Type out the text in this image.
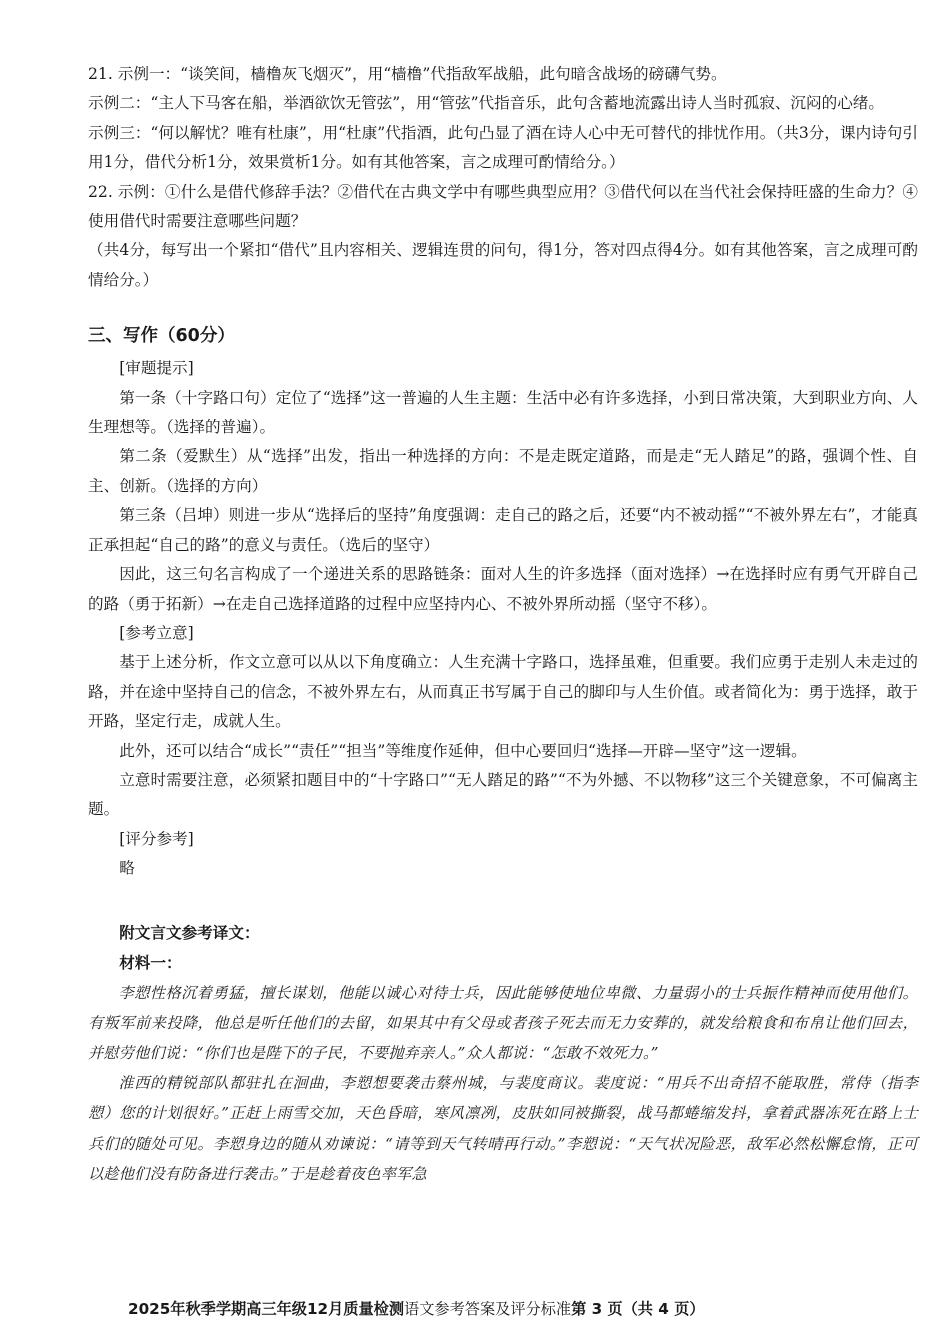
21. 示例一：“谈笑间，樯橹灰飞烟灭”，用“樯橹”代指敌军战船，此句暗含战场的磅礴气势。

示例二：“主人下马客在船，举酒欲饮无管弦”，用“管弦”代指音乐，此句含蓄地流露出诗人当时孤寂、沉闷的心绪。

示例三：“何以解忧？唯有杜康”，用“杜康”代指酒，此句凸显了酒在诗人心中无可替代的排忧作用。（共3分，课内诗句引用1分，借代分析1分，效果赏析1分。如有其他答案，言之成理可酌情给分。）

22. 示例：①什么是借代修辞手法？②借代在古典文学中有哪些典型应用？③借代何以在当代社会保持旺盛的生命力？④使用借代时需要注意哪些问题？

（共4分，每写出一个紧扣“借代”且内容相关、逻辑连贯的问句，得1分，答对四点得4分。如有其他答案，言之成理可酌情给分。）

三、写作（60分）

[审题提示]

第一条（十字路口句）定位了“选择”这一普遍的人生主题：生活中必有许多选择，小到日常决策，大到职业方向、人生理想等。（选择的普遍）。

第二条（爱默生）从“选择”出发，指出一种选择的方向：不是走既定道路，而是走“无人踏足”的路，强调个性、自主、创新。（选择的方向）

第三条（吕坤）则进一步从“选择后的坚持”角度强调：走自己的路之后，还要“内不被动摇”“不被外界左右”，才能真正承担起“自己的路”的意义与责任。（选后的坚守）

因此，这三句名言构成了一个递进关系的思路链条：面对人生的许多选择（面对选择）→在选择时应有勇气开辟自己的路（勇于拓新）→在走自己选择道路的过程中应坚持内心、不被外界所动摇（坚守不移）。

[参考立意]

基于上述分析，作文立意可以从以下角度确立：人生充满十字路口，选择虽难，但重要。我们应勇于走别人未走过的路，并在途中坚持自己的信念，不被外界左右，从而真正书写属于自己的脚印与人生价值。或者简化为：勇于选择，敢于开路，坚定行走，成就人生。

此外，还可以结合“成长”“责任”“担当”等维度作延伸，但中心要回归“选择—开辟—坚守”这一逻辑。

立意时需要注意，必须紧扣题目中的“十字路口”“无人踏足的路”“不为外撼、不以物移”这三个关键意象，不可偏离主题。

[评分参考]

略

附文言文参考译文：
材料一：

李愬性格沉着勇猛，擅长谋划，他能以诚心对待士兵，因此能够使地位卑微、力量弱小的士兵振作精神而使用他们。有叛军前来投降，他总是听任他们的去留，如果其中有父母或者孩子死去而无力安葬的，就发给粮食和布帛让他们回去，并慰劳他们说：“你们也是陛下的子民，不要抛弃亲人。”众人都说：“怎敢不效死力。”

淮西的精锐部队都驻扎在洄曲，李愬想要袭击蔡州城，与裴度商议。裴度说：“用兵不出奇招不能取胜，常侍（指李愬）您的计划很好。”正赶上雨雪交加，天色昏暗，寒风凛冽，皮肤如同被撕裂，战马都蜷缩发抖，拿着武器冻死在路上士兵们的随处可见。李愬身边的随从劝谏说：“请等到天气转晴再行动。”李愬说：“天气状况险恶，敌军必然松懈怠惰，正可以趁他们没有防备进行袭击。”于是趁着夜色率军急

2025年秋季学期高三年级12月质量检测语文参考答案及评分标准第 3 页（共 4 页）
